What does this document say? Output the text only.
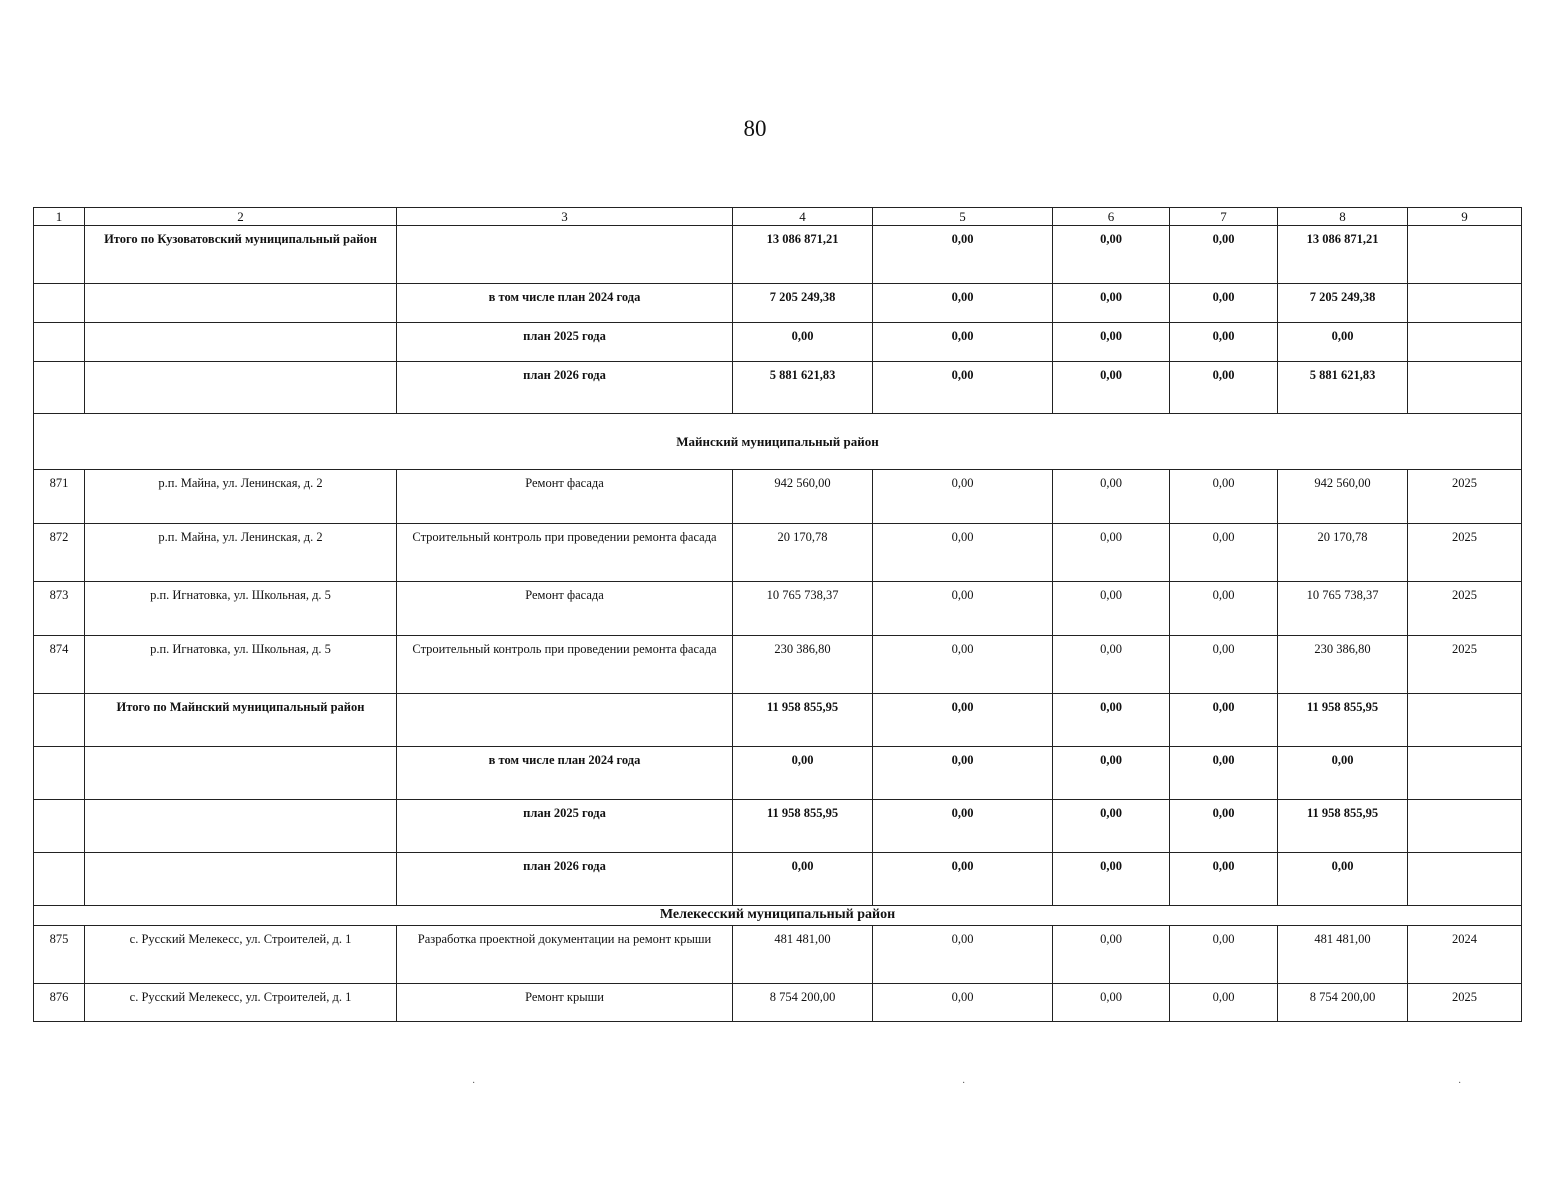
80
1	2	3	4	5	6	7	8	9
	Итого по Кузоватовский муниципальный район		13 086 871,21	0,00	0,00	0,00	13 086 871,21	
		в том числе план 2024 года	7 205 249,38	0,00	0,00	0,00	7 205 249,38	
		план 2025 года	0,00	0,00	0,00	0,00	0,00	
		план 2026 года	5 881 621,83	0,00	0,00	0,00	5 881 621,83	
Майнский муниципальный район								
871	р.п. Майна, ул. Ленинская, д. 2	Ремонт фасада	942 560,00	0,00	0,00	0,00	942 560,00	2025
872	р.п. Майна, ул. Ленинская, д. 2	Строительный контроль при проведении ремонта фасада	20 170,78	0,00	0,00	0,00	20 170,78	2025
873	р.п. Игнатовка, ул. Школьная, д. 5	Ремонт фасада	10 765 738,37	0,00	0,00	0,00	10 765 738,37	2025
874	р.п. Игнатовка, ул. Школьная, д. 5	Строительный контроль при проведении ремонта фасада	230 386,80	0,00	0,00	0,00	230 386,80	2025
	Итого по Майнский муниципальный район		11 958 855,95	0,00	0,00	0,00	11 958 855,95	
		в том числе план 2024 года	0,00	0,00	0,00	0,00	0,00	
		план 2025 года	11 958 855,95	0,00	0,00	0,00	11 958 855,95	
		план 2026 года	0,00	0,00	0,00	0,00	0,00	
Мелекесский муниципальный район								
875	с. Русский Мелекесс, ул. Строителей, д. 1	Разработка проектной документации на ремонт крыши	481 481,00	0,00	0,00	0,00	481 481,00	2024
876	с. Русский Мелекесс, ул. Строителей, д. 1	Ремонт крыши	8 754 200,00	0,00	0,00	0,00	8 754 200,00	2025
·	·	·
